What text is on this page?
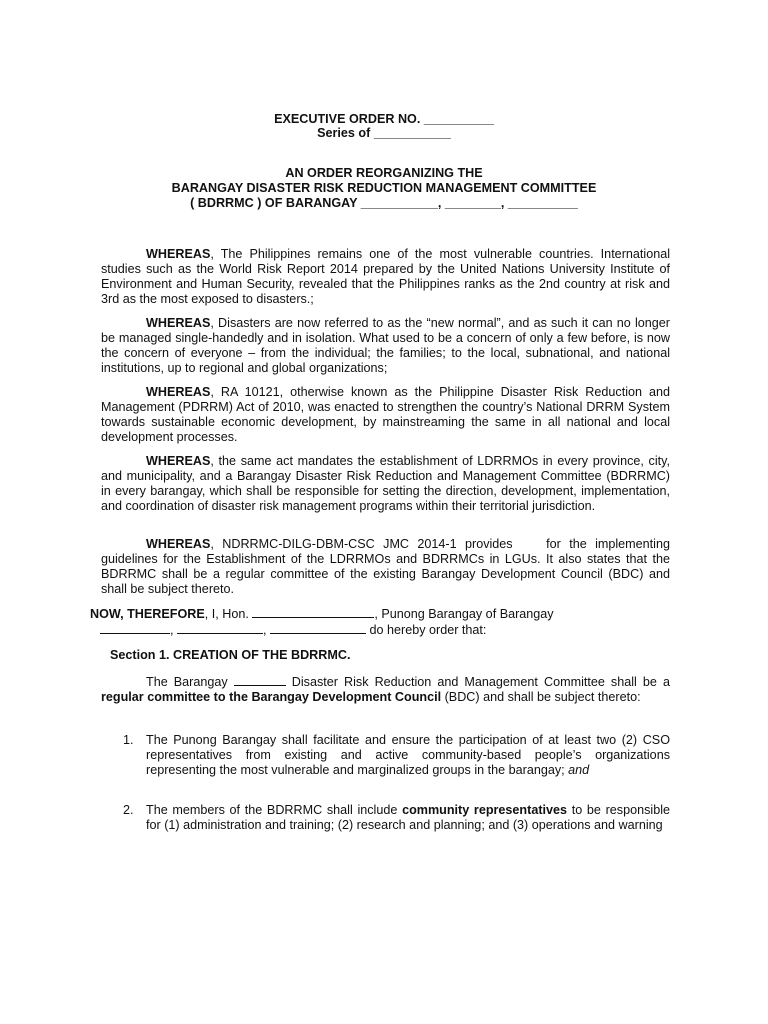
EXECUTIVE ORDER NO. __________
Series of ___________
AN ORDER REORGANIZING THE
BARANGAY DISASTER RISK REDUCTION MANAGEMENT COMMITTEE
( BDRRMC ) OF BARANGAY ___________, ________, __________

WHEREAS, The Philippines remains one of the most vulnerable countries. International studies such as the World Risk Report 2014 prepared by the United Nations University Institute of Environment and Human Security, revealed that the Philippines ranks as the 2nd country at risk and 3rd as the most exposed to disasters.;

WHEREAS, Disasters are now referred to as the “new normal”, and as such it can no longer be managed single-handedly and in isolation. What used to be a concern of only a few before, is now the concern of everyone – from the individual; the families; to the local, subnational, and national institutions, up to regional and global organizations;

WHEREAS, RA 10121, otherwise known as the Philippine Disaster Risk Reduction and Management (PDRRM) Act of 2010, was enacted to strengthen the country’s National DRRM System towards sustainable economic development, by mainstreaming the same in all national and local development processes.

WHEREAS, the same act mandates the establishment of LDRRMOs in every province, city, and municipality, and a Barangay Disaster Risk Reduction and Management Committee (BDRRMC) in every barangay, which shall be responsible for setting the direction, development, implementation, and coordination of disaster risk management programs within their territorial jurisdiction.

WHEREAS, NDRRMC-DILG-DBM-CSC JMC 2014-1 provides    for the implementing guidelines for the Establishment of the LDRRMOs and BDRRMCs in LGUs. It also states that the BDRRMC shall be a regular committee of the existing Barangay Development Council (BDC) and shall be subject thereto.

NOW, THEREFORE, I, Hon.	, Punong Barangay of Barangay
,	,	do hereby order that:
Section 1. CREATION OF THE BDRRMC.

The Barangay	Disaster Risk Reduction and Management Committee shall be a regular committee to the Barangay Development Council (BDC) and shall be subject thereto:

1. The Punong Barangay shall facilitate and ensure the participation of at least two (2) CSO representatives from existing and active community-based people’s organizations representing the most vulnerable and marginalized groups in the barangay; and
2. The members of the BDRRMC shall include community representatives to be responsible for (1) administration and training; (2) research and planning; and (3) operations and warning
